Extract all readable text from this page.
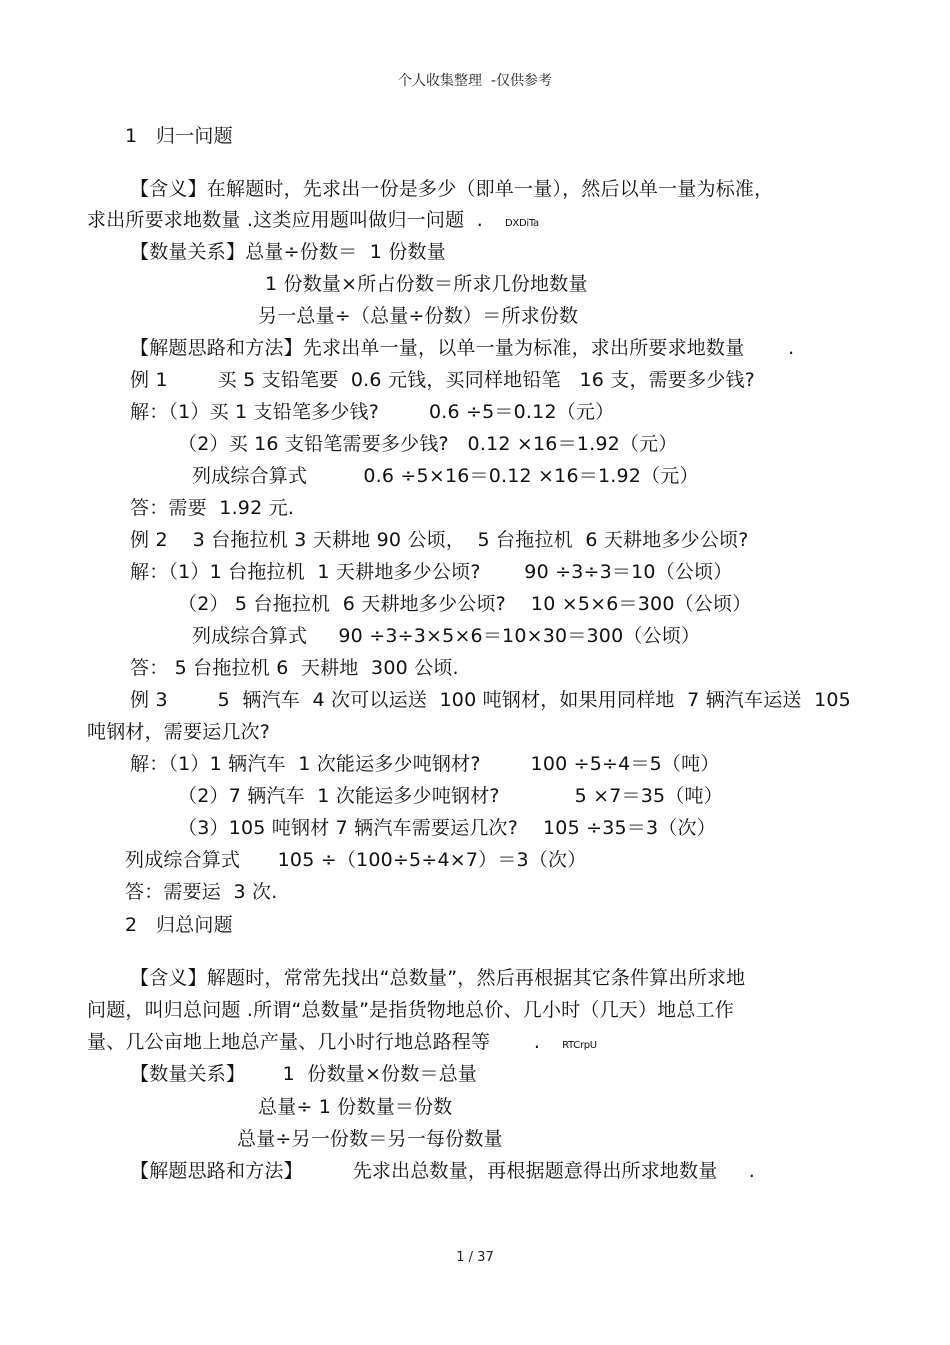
个人收集整理  -仅供参考
1   归一问题
【含义】在解题时，先求出一份是多少（即单一量），然后以单一量为标准，
求出所要求地数量 .这类应用题叫做归一问题  . DXDiTa
【数量关系】总量÷份数＝  1 份数量
1 份数量×所占份数＝所求几份地数量
另一总量÷（总量÷份数）＝所求份数
【解题思路和方法】先求出单一量，以单一量为标准，求出所要求地数量       .
例 1        买 5 支铅笔要  0.6 元钱，买同样地铅笔   16 支，需要多少钱?
解：（1）买 1 支铅笔多少钱?        0.6 ÷5＝0.12（元）
（2）买 16 支铅笔需要多少钱?   0.12 ×16＝1.92（元）
列成综合算式         0.6 ÷5×16＝0.12 ×16＝1.92（元）
答：需要  1.92 元.
例 2    3 台拖拉机 3 天耕地 90 公顷，  5 台拖拉机  6 天耕地多少公顷?
解：（1）1 台拖拉机  1 天耕地多少公顷?       90 ÷3÷3＝10（公顷）
（2） 5 台拖拉机  6 天耕地多少公顷?    10 ×5×6＝300（公顷）
列成综合算式     90 ÷3÷3×5×6＝10×30＝300（公顷）
答： 5 台拖拉机 6  天耕地  300 公顷.
例 3        5  辆汽车  4 次可以运送  100 吨钢材，如果用同样地  7 辆汽车运送  105
吨钢材，需要运几次?
解：（1）1 辆汽车  1 次能运多少吨钢材?        100 ÷5÷4＝5（吨）
（2）7 辆汽车  1 次能运多少吨钢材?            5 ×7＝35（吨）
（3）105 吨钢材 7 辆汽车需要运几次?    105 ÷35＝3（次）
列成综合算式      105 ÷（100÷5÷4×7）＝3（次）
答：需要运  3 次.
2   归总问题
【含义】解题时，常常先找出“总数量”，然后再根据其它条件算出所求地
问题，叫归总问题 .所谓“总数量”是指货物地总价、几小时（几天）地总工作
量、几公亩地上地总产量、几小时行地总路程等       . RTCrpU
【数量关系】      1  份数量×份数＝总量
总量÷ 1 份数量＝份数
总量÷另一份数＝另一每份数量
【解题思路和方法】        先求出总数量，再根据题意得出所求地数量     .
1 / 37
